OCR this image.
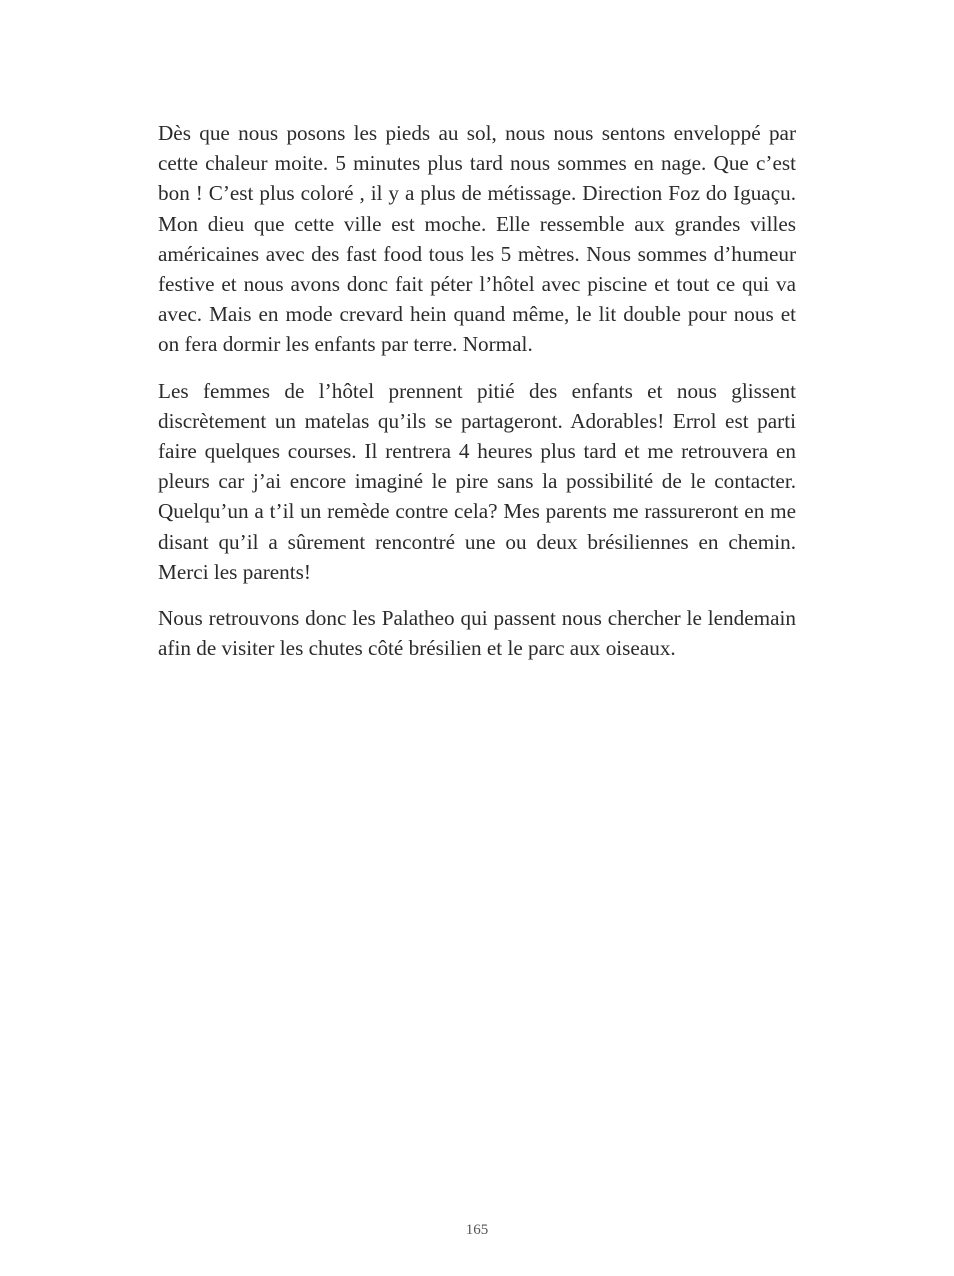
Dès que nous posons les pieds au sol, nous nous sentons enveloppé par cette chaleur moite. 5 minutes plus tard nous sommes en nage. Que c’est bon ! C’est plus coloré , il y a plus de métissage. Direction Foz do Iguaçu. Mon dieu que cette ville est moche. Elle ressemble aux grandes villes américaines avec des fast food tous les 5 mètres. Nous sommes d’humeur festive et nous avons donc fait péter l’hôtel avec piscine et tout ce qui va avec. Mais en mode crevard hein quand même, le lit double pour nous et on fera dormir les enfants par terre. Normal.

Les femmes de l’hôtel prennent pitié des enfants et nous glissent discrètement un matelas qu’ils se partageront. Adorables! Errol est parti faire quelques courses. Il rentrera 4 heures plus tard et me retrouvera en pleurs car j’ai encore imaginé le pire sans la possibilité de le contacter. Quelqu’un a t’il un remède contre cela? Mes parents me rassureront en me disant qu’il a sûrement rencontré une ou deux brésiliennes en chemin. Merci les parents!

Nous retrouvons donc les Palatheo qui passent nous chercher le lendemain afin de visiter les chutes côté brésilien et le parc aux oiseaux.

165
